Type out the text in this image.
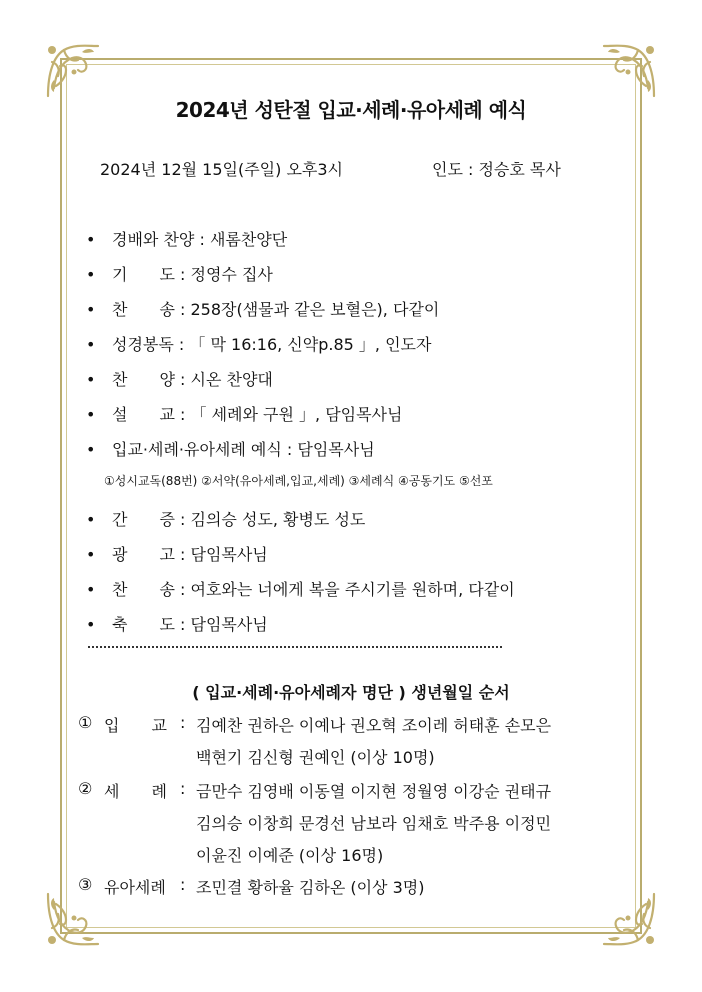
2024년 성탄절 입교·세례·유아세례 예식
2024년 12월 15일(주일) 오후3시	인도 : 정승호 목사
• 경배와 찬양 : 새롬찬양단
• 기　　도 : 정영수 집사
• 찬　　송 : 258장(샘물과 같은 보혈은), 다같이
• 성경봉독 : 「 막 16:16, 신약p.85 」, 인도자
• 찬　　양 : 시온 찬양대
• 설　　교 : 「 세례와 구원 」, 담임목사님
• 입교·세례·유아세례 예식 : 담임목사님
①성시교독(88번) ②서약(유아세례,입교,세례) ③세례식 ④공동기도 ⑤선포
• 간　　증 : 김의승 성도, 황병도 성도
• 광　　고 : 담임목사님
• 찬　　송 : 여호와는 너에게 복을 주시기를 원하며, 다같이
• 축　　도 : 담임목사님
( 입교·세례·유아세례자 명단 ) 생년월일 순서
① 입　　교 : 김예찬 권하은 이예나 권오혁 조이레 허태훈 손모은
백현기 김신형 권예인 (이상 10명)
② 세　　례 : 금만수 김영배 이동열 이지현 정월영 이강순 권태규
김의승 이창희 문경선 남보라 임채호 박주용 이정민
이윤진 이예준 (이상 16명)
③ 유아세례 : 조민결 황하율 김하온 (이상 3명)
